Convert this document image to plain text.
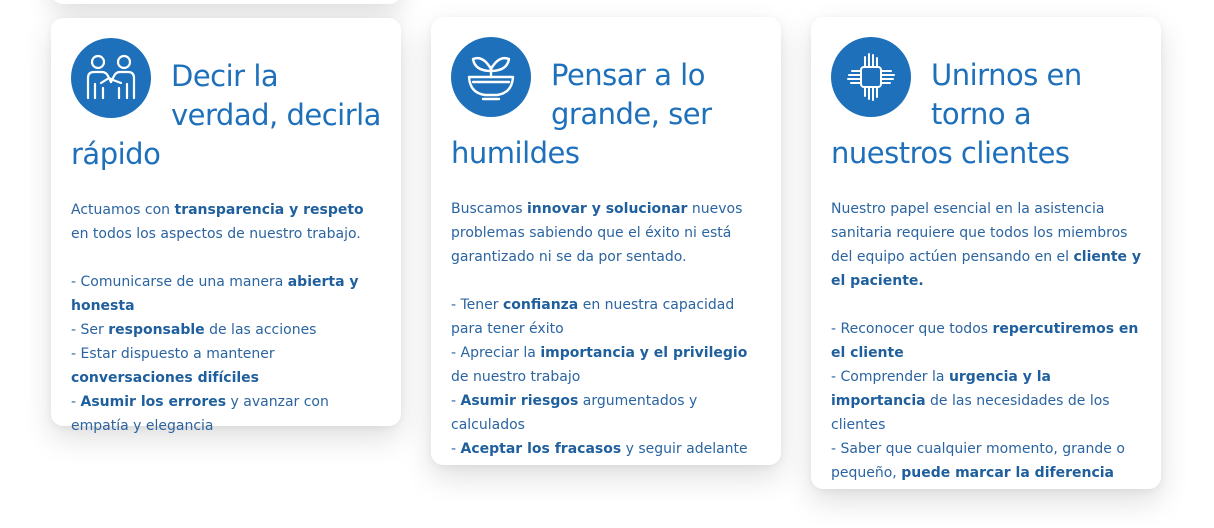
Decir la verdad, decirla rápido

Actuamos con transparencia y respeto en todos los aspectos de nuestro trabajo.

- Comunicarse de una manera abierta y honesta

- Ser responsable de las acciones

- Estar dispuesto a mantener conversaciones difíciles

- Asumir los errores y avanzar con empatía y elegancia

Pensar a lo grande, ser humildes

Buscamos innovar y solucionar nuevos problemas sabiendo que el éxito ni está garantizado ni se da por sentado.

- Tener confianza en nuestra capacidad para tener éxito

- Apreciar la importancia y el privilegio de nuestro trabajo

- Asumir riesgos argumentados y calculados

- Aceptar los fracasos y seguir adelante

Unirnos en torno a nuestros clientes

Nuestro papel esencial en la asistencia sanitaria requiere que todos los miembros del equipo actúen pensando en el cliente y el paciente.

- Reconocer que todos repercutiremos en el cliente

- Comprender la urgencia y la importancia de las necesidades de los clientes

- Saber que cualquier momento, grande o pequeño, puede marcar la diferencia
